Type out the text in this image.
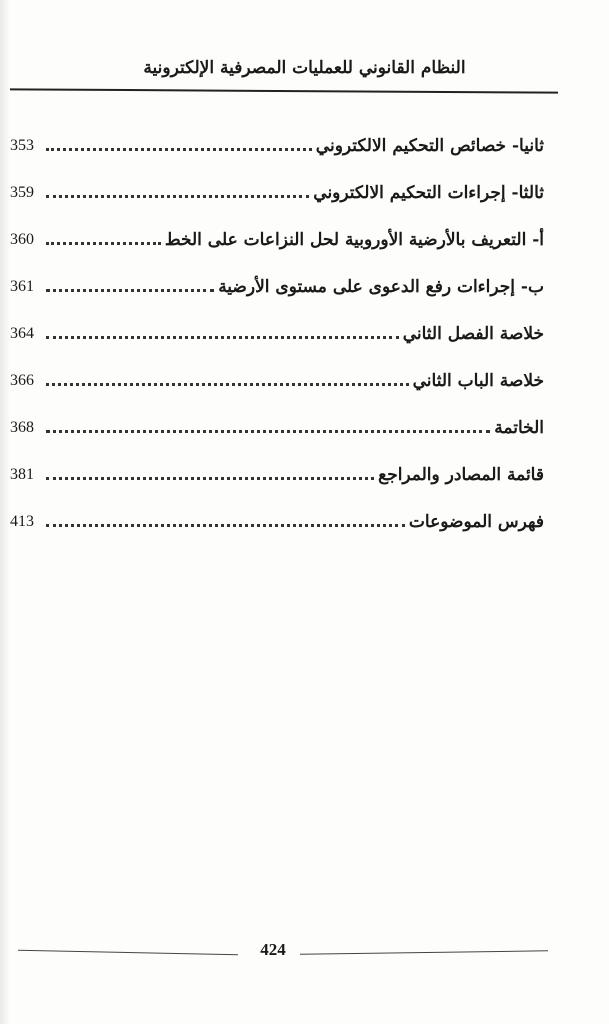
النظام القانوني للعمليات المصرفية الإلكترونية
ثانيا- خصائص التحكيم الالكتروني
353
ثالثا- إجراءات التحكيم الالكتروني
359
أ- التعريف بالأرضية الأوروبية لحل النزاعات على الخط
360
ب- إجراءات رفع الدعوى على مستوى الأرضية
361
خلاصة الفصل الثاني
364
خلاصة الباب الثاني
366
الخاتمة
368
قائمة المصادر والمراجع
381
فهرس الموضوعات
413
424
